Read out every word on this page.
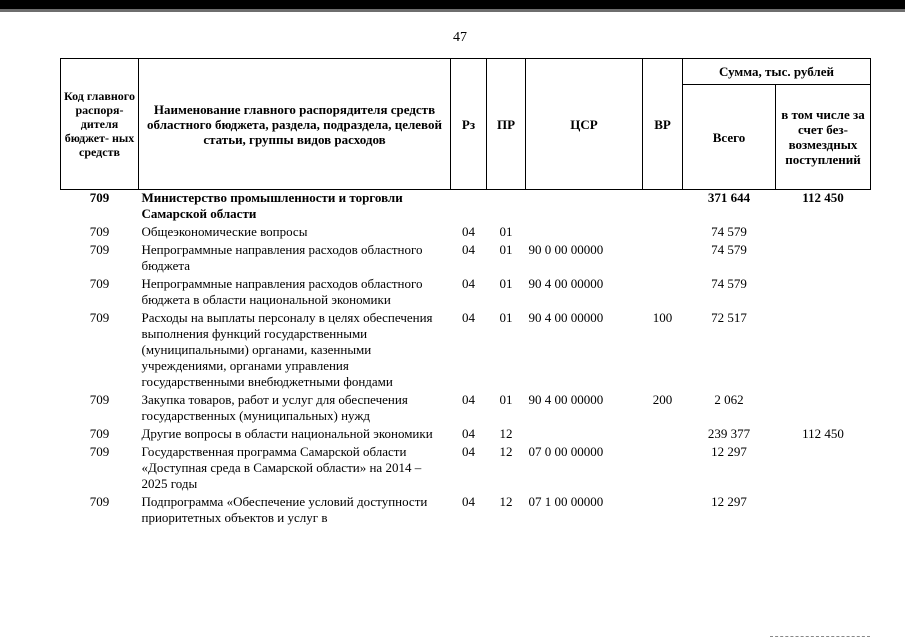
47
Код главного распоря- дителя бюджет- ных средств	Наименование главного распорядителя средств областного бюджета, раздела, подраздела, целевой статьи, группы видов расходов	Рз	ПР	ЦСР	ВР	Сумма, тыс. рублей	
						Всего	в том числе за счет без- возмездных поступлений
709	Министерство промышленности и торговли Самарской области					371 644	112 450
709	Общеэкономические вопросы	04	01			74 579	
709	Непрограммные направления расходов областного бюджета	04	01	90 0 00 00000		74 579	
709	Непрограммные направления расходов областного бюджета в области национальной экономики	04	01	90 4 00 00000		74 579	
709	Расходы на выплаты персоналу в целях обеспечения выполнения функций государственными (муниципальными) органами, казенными учреждениями, органами управления государственными внебюджетными фондами	04	01	90 4 00 00000	100	72 517	
709	Закупка товаров, работ и услуг для обеспечения государственных (муниципальных) нужд	04	01	90 4 00 00000	200	2 062	
709	Другие вопросы в области национальной экономики	04	12			239 377	112 450
709	Государственная программа Самарской области «Доступная среда в Самарской области» на 2014 – 2025 годы	04	12	07 0 00 00000		12 297	
709	Подпрограмма «Обеспечение условий доступности приоритетных объектов и услуг в	04	12	07 1 00 00000		12 297	
